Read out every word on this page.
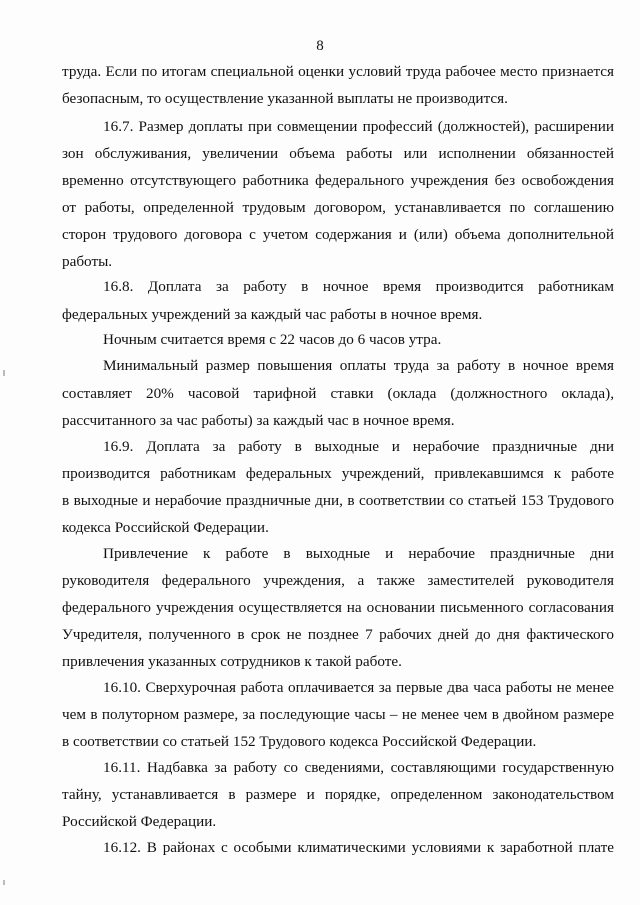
8
труда. Если по итогам специальной оценки условий труда рабочее место признается
безопасным, то осуществление указанной выплаты не производится.
16.7. Размер доплаты при совмещении профессий (должностей), расширении
зон обслуживания, увеличении объема работы или исполнении обязанностей
временно отсутствующего работника федерального учреждения без освобождения
от работы, определенной трудовым договором, устанавливается по соглашению
сторон трудового договора с учетом содержания и (или) объема дополнительной
работы.
16.8. Доплата за работу в ночное время производится работникам
федеральных учреждений за каждый час работы в ночное время.
Ночным считается время с 22 часов до 6 часов утра.
Минимальный размер повышения оплаты труда за работу в ночное время
составляет 20% часовой тарифной ставки (оклада (должностного оклада),
рассчитанного за час работы) за каждый час в ночное время.
16.9. Доплата за работу в выходные и нерабочие праздничные дни
производится работникам федеральных учреждений, привлекавшимся к работе
в выходные и нерабочие праздничные дни, в соответствии со статьей 153 Трудового
кодекса Российской Федерации.
Привлечение к работе в выходные и нерабочие праздничные дни
руководителя федерального учреждения, а также заместителей руководителя
федерального учреждения осуществляется на основании письменного согласования
Учредителя, полученного в срок не позднее 7 рабочих дней до дня фактического
привлечения указанных сотрудников к такой работе.
16.10. Сверхурочная работа оплачивается за первые два часа работы не менее
чем в полуторном размере, за последующие часы – не менее чем в двойном размере
в соответствии со статьей 152 Трудового кодекса Российской Федерации.
16.11. Надбавка за работу со сведениями, составляющими государственную
тайну, устанавливается в размере и порядке, определенном законодательством
Российской Федерации.
16.12. В районах с особыми климатическими условиями к заработной плате
